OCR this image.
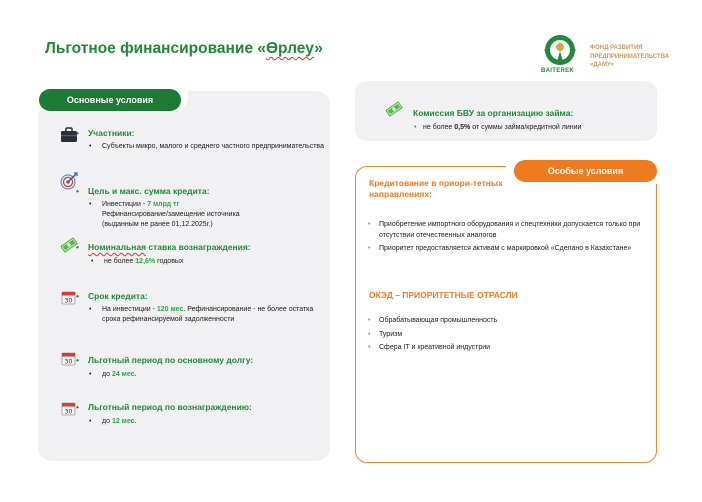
Льготное финансирование «Өрлеу»
BAITEREK
ФОНД РАЗВИТИЯ
ПРЕДПРИНИМАТЕЛЬСТВА
«ДАМУ»
Основные условия
• Участники:
• Субъекты микро, малого и среднего частного предпринимательства
• Цель и макс. сумма кредита:
• Инвестиции - 7 млрд тг
Рефинансирование/замещение источника
(выданным не ранее 01.12.2025г.)
• Номинальная ставка вознаграждения:
• не более 12,6% годовых
30 • Срок кредита:
• На инвестиции - 120 мес. Рефинансирование - не более остатка срока рефинансируемой задолженности
30 • Льготный период по основному долгу:
• до 24 мес.
30 • Льготный период по вознаграждению:
• до 12 мес.
Комиссия БВУ за организацию займа:
• не более 0,5% от суммы займа/кредитной линии
Особые условия
Кредитование в приори-тетных направлениях:
• Приобретение импортного оборудования и спецтехники допускается только при отсутствии отечественных аналогов
• Приоритет предоставляется активам с маркировкой «Сделано в Казахстане»
ОКЭД – ПРИОРИТЕТНЫЕ ОТРАСЛИ
• Обрабатывающая промышленность
• Туризм
• Сфера IT и креативной индустрии
